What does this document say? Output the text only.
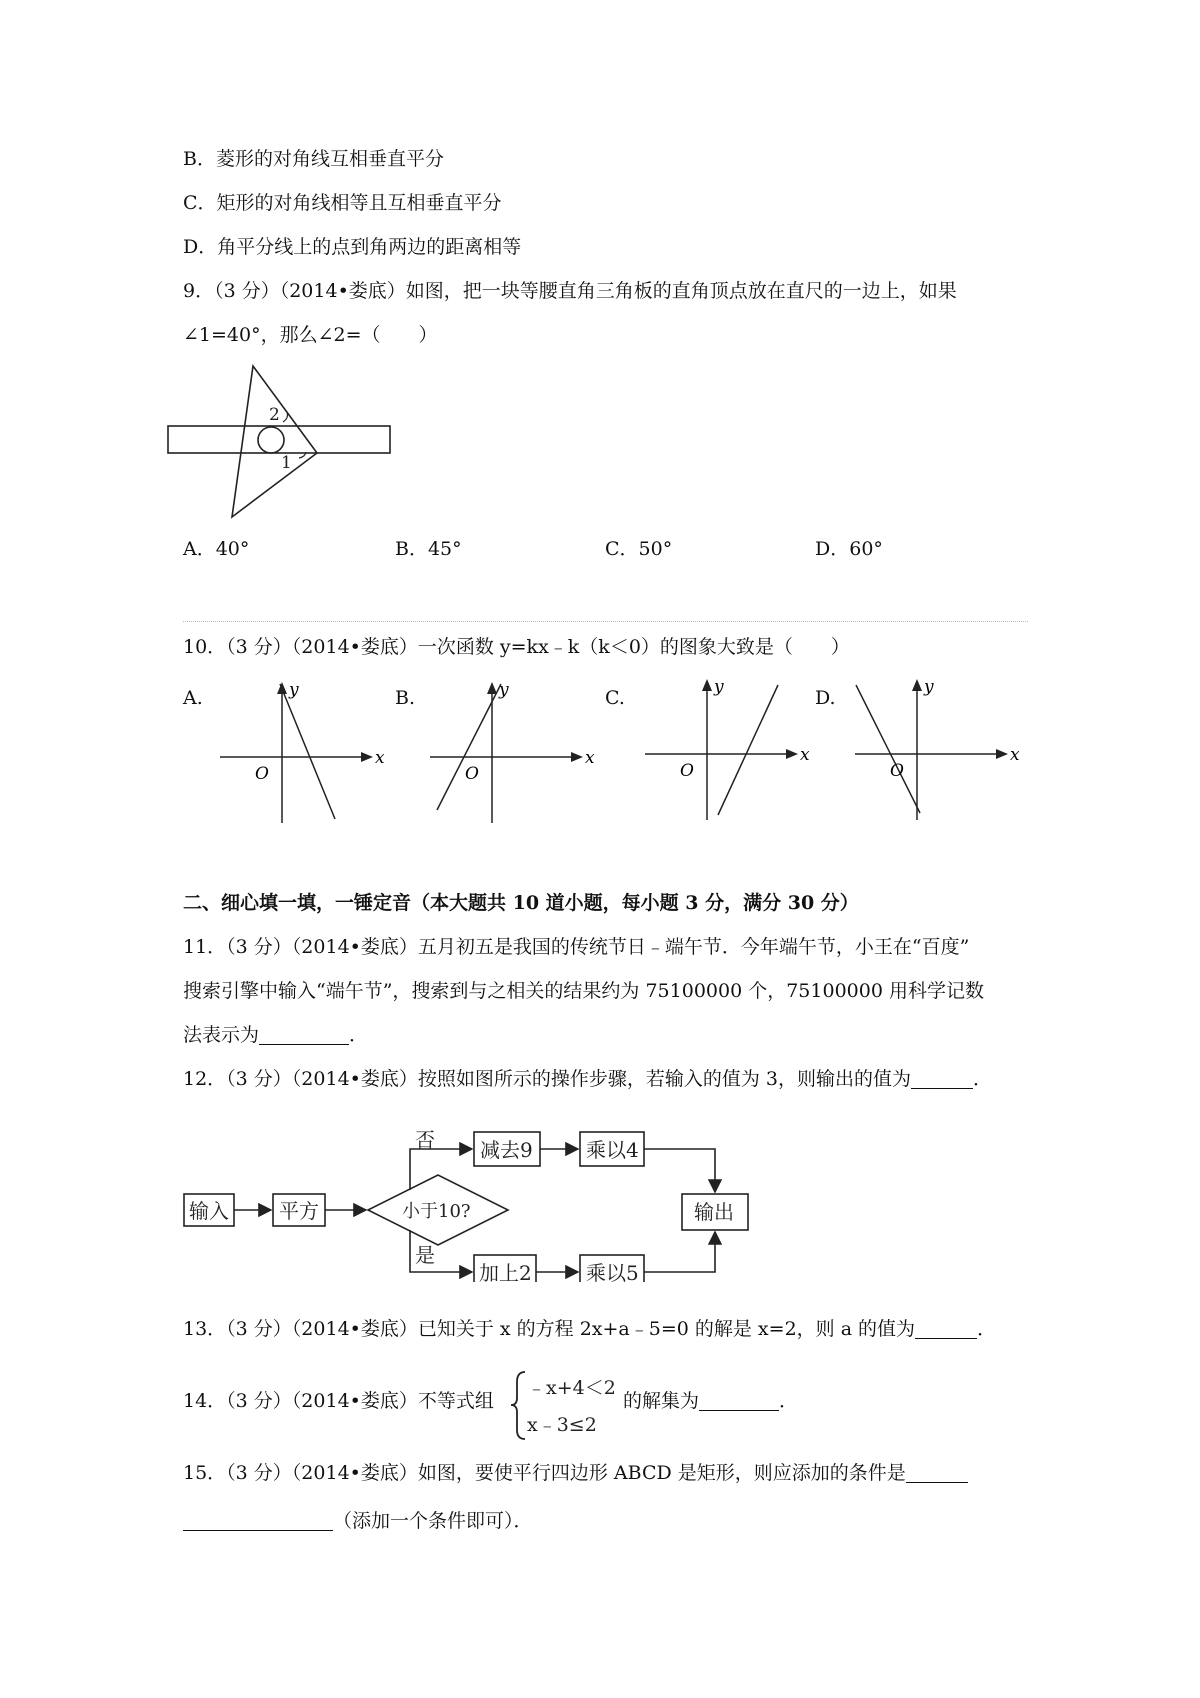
B．菱形的对角线互相垂直平分
C．矩形的对角线相等且互相垂直平分
D．角平分线上的点到角两边的距离相等
9．（3 分）（2014•娄底）如图，把一块等腰直角三角板的直角顶点放在直尺的一边上，如果
∠1=40°，那么∠2=（　　）
2
1
A．40°	B．45°	C．50°	D．60°
10．（3 分）（2014•娄底）一次函数 y=kx﹣k（k＜0）的图象大致是（　　）
A.	y
x
O
B.	y
x
O
C.	y
x
O
D.	y
x
O
二、细心填一填，一锤定音（本大题共 10 道小题，每小题 3 分，满分 30 分）
11．（3 分）（2014•娄底）五月初五是我国的传统节日﹣端午节．今年端午节，小王在“百度”
搜索引擎中输入“端午节”，搜索到与之相关的结果约为 75100000 个，75100000 用科学记数
法表示为	．
12．（3 分）（2014•娄底）按照如图所示的操作步骤，若输入的值为 3，则输出的值为	．
输入	平方	小于10?
否
是
减去9	乘以4
加上2	乘以5
输出
13．（3 分）（2014•娄底）已知关于 x 的方程 2x+a﹣5=0 的解是 x=2，则 a 的值为	．
14．（3 分）（2014•娄底）不等式组
﹣x+4＜2
x﹣3≤2
的解集为	．
15．（3 分）（2014•娄底）如图，要使平行四边形 ABCD 是矩形，则应添加的条件是
（添加一个条件即可）．
